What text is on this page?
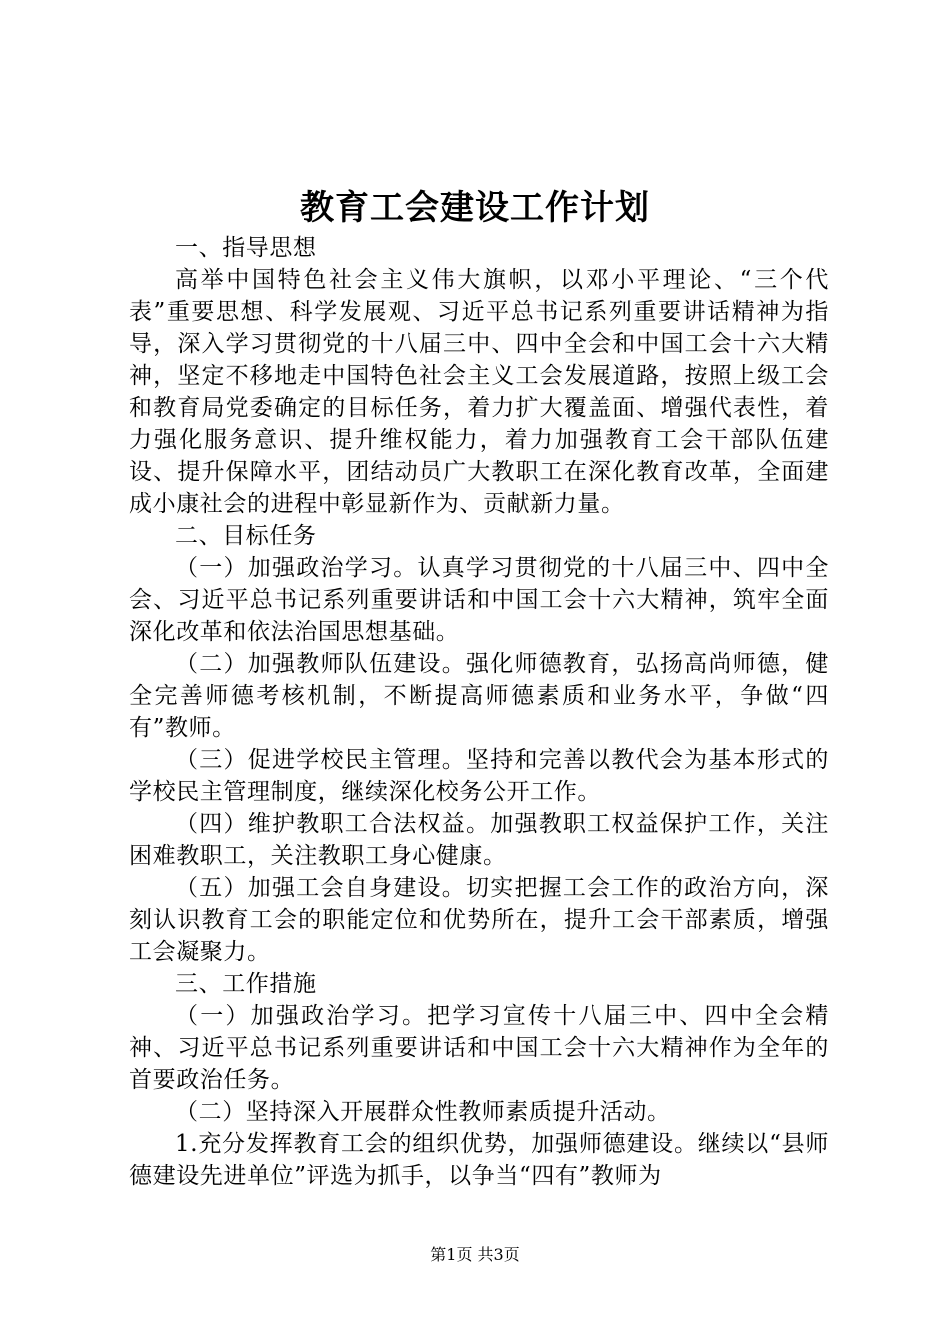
教育工会建设工作计划

一、指导思想

高举中国特色社会主义伟大旗帜，以邓小平理论、“三个代表”重要思想、科学发展观、习近平总书记系列重要讲话精神为指导，深入学习贯彻党的十八届三中、四中全会和中国工会十六大精神，坚定不移地走中国特色社会主义工会发展道路，按照上级工会和教育局党委确定的目标任务，着力扩大覆盖面、增强代表性，着力强化服务意识、提升维权能力，着力加强教育工会干部队伍建设、提升保障水平，团结动员广大教职工在深化教育改革，全面建成小康社会的进程中彰显新作为、贡献新力量。

二、目标任务

（一）加强政治学习。认真学习贯彻党的十八届三中、四中全会、习近平总书记系列重要讲话和中国工会十六大精神，筑牢全面深化改革和依法治国思想基础。

（二）加强教师队伍建设。强化师德教育，弘扬高尚师德，健全完善师德考核机制，不断提高师德素质和业务水平，争做“四有”教师。

（三）促进学校民主管理。坚持和完善以教代会为基本形式的学校民主管理制度，继续深化校务公开工作。

（四）维护教职工合法权益。加强教职工权益保护工作，关注困难教职工，关注教职工身心健康。

（五）加强工会自身建设。切实把握工会工作的政治方向，深刻认识教育工会的职能定位和优势所在，提升工会干部素质，增强工会凝聚力。

三、工作措施

（一）加强政治学习。把学习宣传十八届三中、四中全会精神、习近平总书记系列重要讲话和中国工会十六大精神作为全年的首要政治任务。

（二）坚持深入开展群众性教师素质提升活动。

1.充分发挥教育工会的组织优势，加强师德建设。继续以“县师德建设先进单位”评选为抓手，以争当“四有”教师为

第1页 共3页
